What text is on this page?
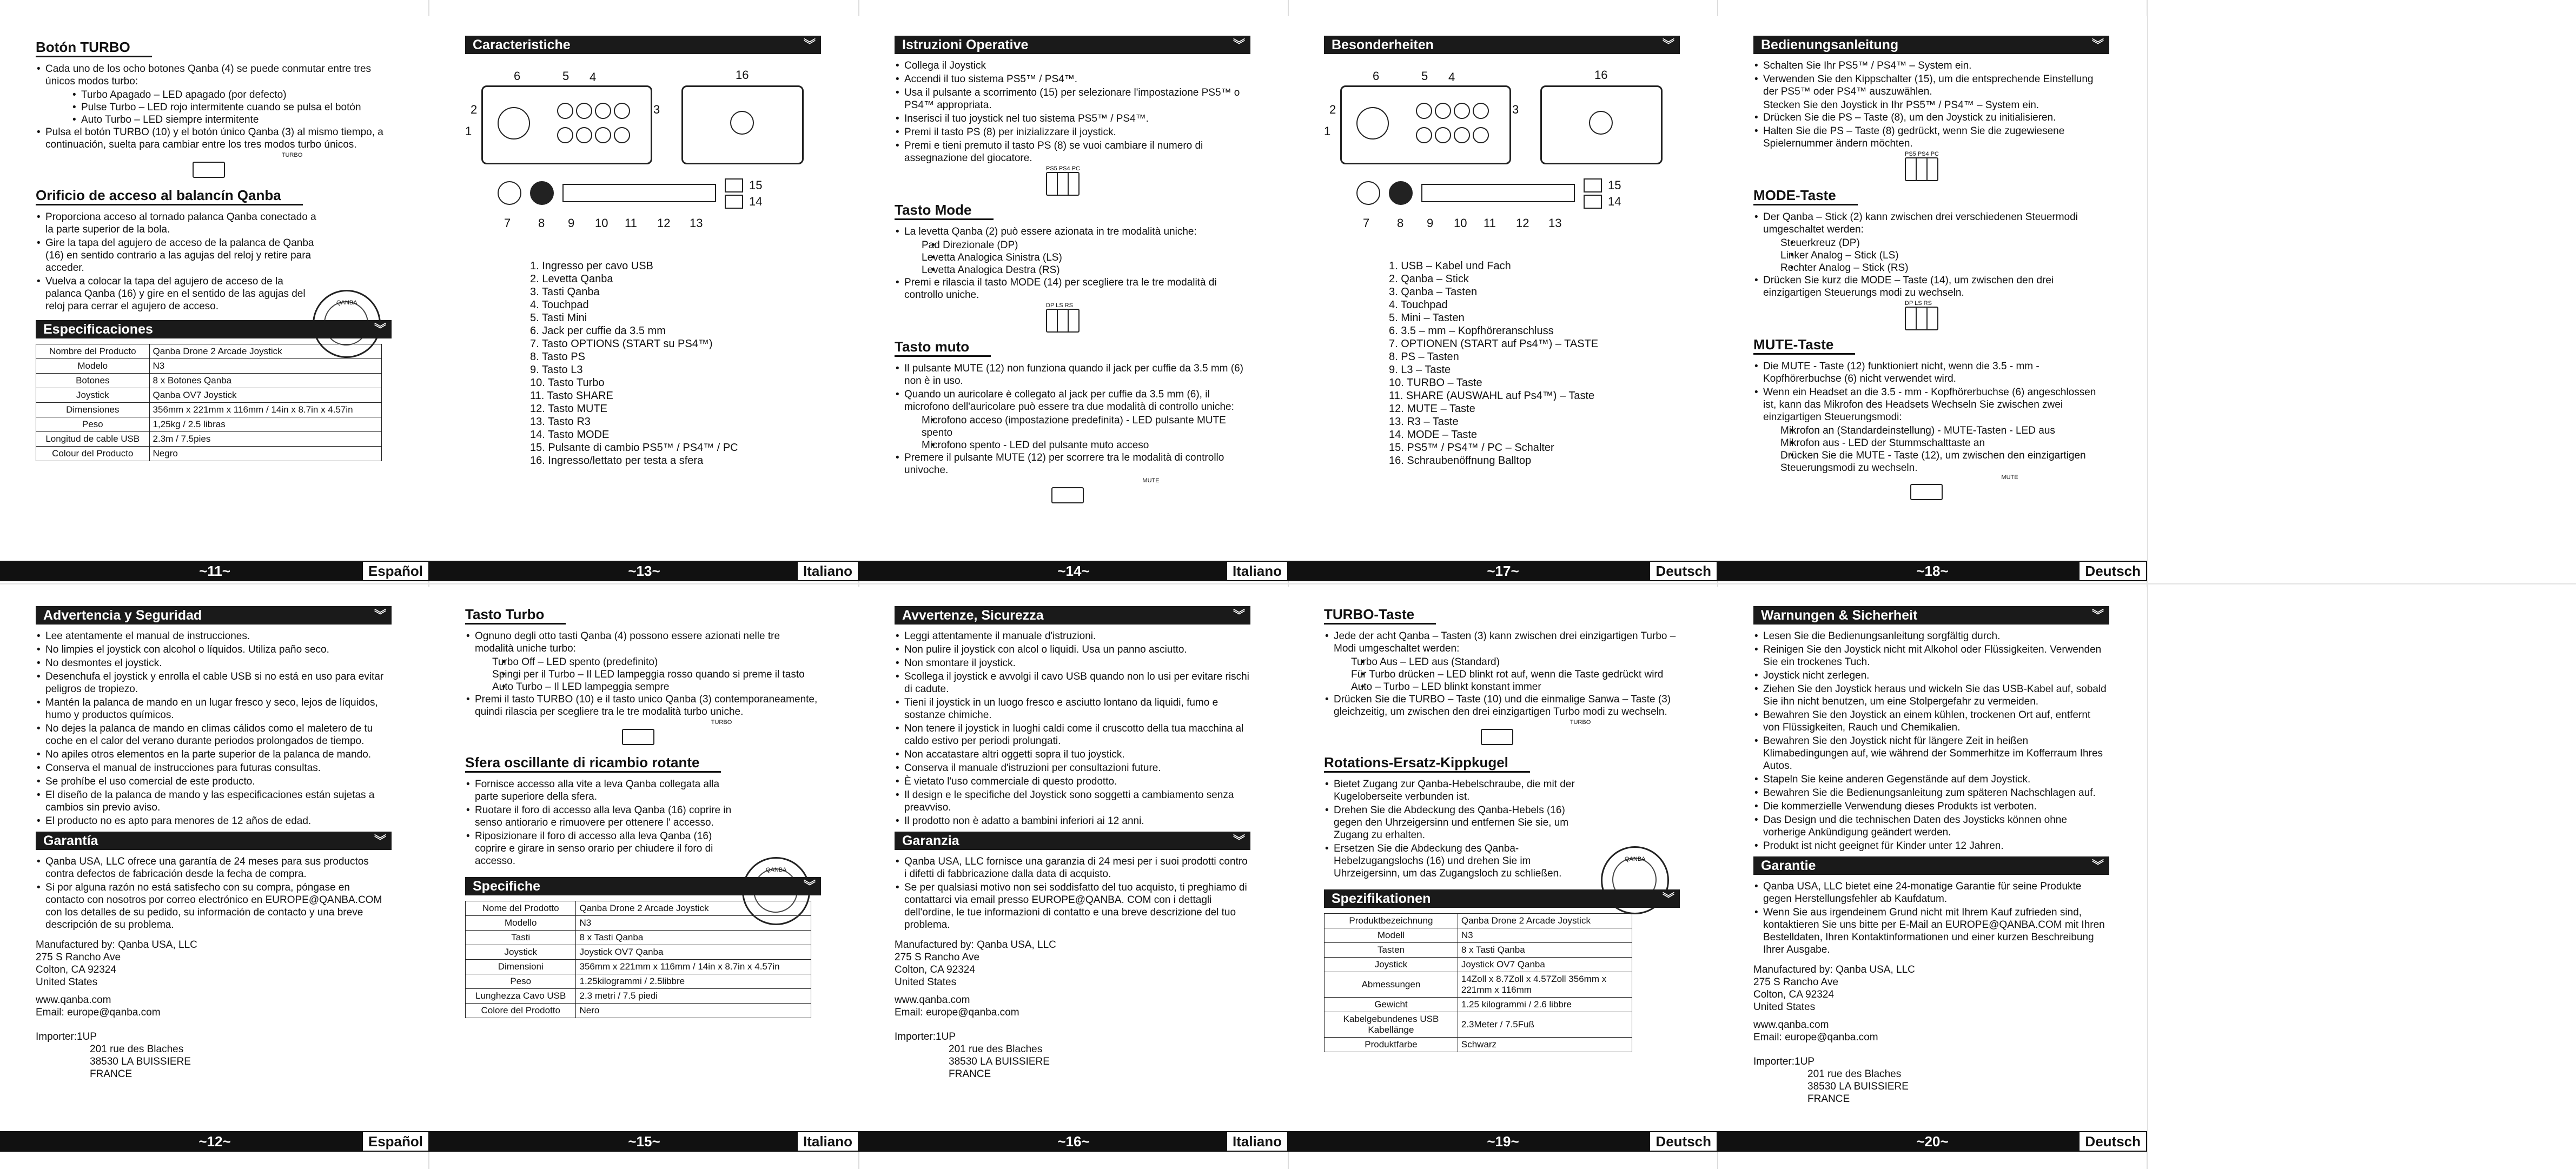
Botón TURBO
• Cada uno de los ocho botones Qanba (4) se puede conmutar entre tres únicos modos turbo:
• Turbo Apagado – LED apagado (por defecto)
• Pulse Turbo – LED rojo intermitente cuando se pulsa el botón
• Auto Turbo – LED siempre intermitente
• Pulsa el botón TURBO (10) y el botón único Qanba (3) al mismo tiempo, a continuación, suelta para cambiar entre los tres modos turbo únicos.
TURBO
Orificio de acceso al balancín Qanba
• Proporciona acceso al tornado palanca Qanba conectado a la parte superior de la bola.
• Gire la tapa del agujero de acceso de la palanca de Qanba (16) en sentido contrario a las agujas del reloj y retire para acceder.
• Vuelva a colocar la tapa del agujero de acceso de la palanca Qanba (16) y gire en el sentido de las agujas del reloj para cerrar el agujero de acceso.	QANBA
Especificaciones	︾
Nombre del Producto	Qanba Drone 2 Arcade Joystick
Modelo	N3
Botones	8 x Botones Qanba
Joystick	Qanba OV7 Joystick
Dimensiones	356mm x 221mm x 116mm / 14in x 8.7in x 4.57in
Peso	1,25kg / 2.5 libras
Longitud de cable USB	2.3m / 7.5pies
Colour del Producto	Negro
~11~	Español
Caracteristiche	︾
1
2	3
4
5
6	16
15
14
7 8 9 10 11 12 13
1. Ingresso per cavo USB
2. Levetta Qanba
3. Tasti Qanba
4. Touchpad
5. Tasti Mini
6. Jack per cuffie da 3.5 mm
7. Tasto OPTIONS (START su PS4™)
8. Tasto PS
9. Tasto L3
10. Tasto Turbo
11. Tasto SHARE
12. Tasto MUTE
13. Tasto R3
14. Tasto MODE
15. Pulsante di cambio PS5™ / PS4™ / PC
16. Ingresso/lettato per testa a sfera
~13~	Italiano
Istruzioni Operative	︾
• Collega il Joystick
• Accendi il tuo sistema PS5™ / PS4™.
• Usa il pulsante a scorrimento (15) per selezionare l'impostazione PS5™ o PS4™ appropriata.
• Inserisci il tuo joystick nel tuo sistema PS5™ / PS4™.
• Premi il tasto PS (8) per inizializzare il joystick.
• Premi e tieni premuto il tasto PS (8) se vuoi cambiare il numero di assegnazione del giocatore.
PS5 PS4 PC
Tasto Mode
• La levetta Qanba (2) può essere azionata in tre modalità uniche:
• Pad Direzionale (DP)
• Levetta Analogica Sinistra (LS)
• Levetta Analogica Destra (RS)
• Premi e rilascia il tasto MODE (14) per scegliere tra le tre modalità di controllo uniche.
DP LS RS
Tasto muto
• Il pulsante MUTE (12) non funziona quando il jack per cuffie da 3.5 mm (6) non è in uso.
• Quando un auricolare è collegato al jack per cuffie da 3.5 mm (6), il microfono dell'auricolare può essere tra due modalità di controllo uniche:
• Microfono acceso (impostazione predefinita) - LED pulsante MUTE spento
• Microfono spento - LED del pulsante muto acceso
• Premere il pulsante MUTE (12) per scorrere tra le modalità di controllo univoche.
MUTE
~14~	Italiano
Besonderheiten	︾
1
2	3
4
5
6	16
15
14
7 8 9 10 11 12 13
1. USB – Kabel und Fach
2. Qanba – Stick
3. Qanba – Tasten
4. Touchpad
5. Mini – Tasten
6. 3.5 – mm – Kopfhöreranschluss
7. OPTIONEN (START auf Ps4™) – TASTE
8. PS – Tasten
9. L3 – Taste
10. TURBO – Taste
11. SHARE (AUSWAHL auf Ps4™) – Taste
12. MUTE – Taste
13. R3 – Taste
14. MODE – Taste
15. PS5™ / PS4™ / PC – Schalter
16. Schraubenöffnung Balltop
~17~	Deutsch
Bedienungsanleitung	︾
• Schalten Sie Ihr PS5™ / PS4™ – System ein.
• Verwenden Sie den Kippschalter (15), um die entsprechende Einstellung der PS5™ oder PS4™ auszuwählen.
Stecken Sie den Joystick in Ihr PS5™ / PS4™ – System ein.
• Drücken Sie die PS – Taste (8), um den Joystick zu initialisieren.
• Halten Sie die PS – Taste (8) gedrückt, wenn Sie die zugewiesene Spielernummer ändern möchten.
PS5 PS4 PC
MODE-Taste
• Der Qanba – Stick (2) kann zwischen drei verschiedenen Steuermodi umgeschaltet werden:
• Steuerkreuz (DP)
• Linker Analog – Stick (LS)
• Rechter Analog – Stick (RS)
• Drücken Sie kurz die MODE – Taste (14), um zwischen den drei einzigartigen Steuerungs modi zu wechseln.
DP LS RS
MUTE-Taste
• Die MUTE - Taste (12) funktioniert nicht, wenn die 3.5 - mm - Kopfhörerbuchse (6) nicht verwendet wird.
• Wenn ein Headset an die 3.5 - mm - Kopfhörerbuchse (6) angeschlossen ist, kann das Mikrofon des Headsets Wechseln Sie zwischen zwei einzigartigen Steuerungsmodi:
• Mikrofon an (Standardeinstellung) - MUTE-Tasten - LED aus
• Mikrofon aus - LED der Stummschalttaste an
• Drücken Sie die MUTE - Taste (12), um zwischen den einzigartigen Steuerungsmodi zu wechseln.
MUTE
~18~	Deutsch
Advertencia y Seguridad	︾
• Lee atentamente el manual de instrucciones.
• No limpies el joystick con alcohol o líquidos. Utiliza paño seco.
• No desmontes el joystick.
• Desenchufa el joystick y enrolla el cable USB si no está en uso para evitar peligros de tropiezo.
• Mantén la palanca de mando en un lugar fresco y seco, lejos de líquidos, humo y productos químicos.
• No dejes la palanca de mando en climas cálidos como el maletero de tu coche en el calor del verano durante periodos prolongados de tiempo.
• No apiles otros elementos en la parte superior de la palanca de mando.
• Conserva el manual de instrucciones para futuras consultas.
• Se prohíbe el uso comercial de este producto.
• El diseño de la palanca de mando y las especificaciones están sujetas a cambios sin previo aviso.
• El producto no es apto para menores de 12 años de edad.
Garantía	︾
• Qanba USA, LLC ofrece una garantía de 24 meses para sus productos contra defectos de fabricación desde la fecha de compra.
• Si por alguna razón no está satisfecho con su compra, póngase en contacto con nosotros por correo electrónico en EUROPE@QANBA.COM con los detalles de su pedido, su información de contacto y una breve descripción de su problema.
Manufactured by: Qanba USA, LLC
275 S Rancho Ave
Colton, CA 92324
United States
www.qanba.com
Email: europe@qanba.com
Importer:1UP
201 rue des Blaches
38530 LA BUISSIERE
FRANCE
~12~	Español
Tasto Turbo
• Ognuno degli otto tasti Qanba (4) possono essere azionati nelle tre modalità uniche turbo:
• Turbo Off – LED spento (predefinito)
• Spingi per il Turbo – Il LED lampeggia rosso quando si preme il tasto
• Auto Turbo – Il LED lampeggia sempre
• Premi il tasto TURBO (10) e il tasto unico Qanba (3) contemporaneamente, quindi rilascia per scegliere tra le tre modalità turbo uniche.
TURBO
Sfera oscillante di ricambio rotante
• Fornisce accesso alla vite a leva Qanba collegata alla parte superiore della sfera.
• Ruotare il foro di accesso alla leva Qanba (16) coprire in senso antiorario e rimuovere per ottenere l' accesso.
• Riposizionare il foro di accesso alla leva Qanba (16) coprire e girare in senso orario per chiudere il foro di accesso.
QANBA
Specifiche	︾
Nome del Prodotto	Qanba Drone 2 Arcade Joystick
Modello	N3
Tasti	8 x Tasti Qanba
Joystick	Joystick OV7 Qanba
Dimensioni	356mm x 221mm x 116mm / 14in x 8.7in x 4.57in
Peso	1.25kilogrammi / 2.5libbre
Lunghezza Cavo USB	2.3 metri / 7.5 piedi
Colore del Prodotto	Nero
~15~	Italiano
Avvertenze, Sicurezza	︾
• Leggi attentamente il manuale d'istruzioni.
• Non pulire il joystick con alcol o liquidi. Usa un panno asciutto.
• Non smontare il joystick.
• Scollega il joystick e avvolgi il cavo USB quando non lo usi per evitare rischi di cadute.
• Tieni il joystick in un luogo fresco e asciutto lontano da liquidi, fumo e sostanze chimiche.
• Non tenere il joystick in luoghi caldi come il cruscotto della tua macchina al caldo estivo per periodi prolungati.
• Non accatastare altri oggetti sopra il tuo joystick.
• Conserva il manuale d'istruzioni per consultazioni future.
• È vietato l'uso commerciale di questo prodotto.
• Il design e le specifiche del Joystick sono soggetti a cambiamento senza preavviso.
• Il prodotto non è adatto a bambini inferiori ai 12 anni.
Garanzia	︾
• Qanba USA, LLC fornisce una garanzia di 24 mesi per i suoi prodotti contro i difetti di fabbricazione dalla data di acquisto.
• Se per qualsiasi motivo non sei soddisfatto del tuo acquisto, ti preghiamo di contattarci via email presso EUROPE@QANBA. COM con i dettagli dell'ordine, le tue informazioni di contatto e una breve descrizione del tuo problema.
Manufactured by: Qanba USA, LLC
275 S Rancho Ave
Colton, CA 92324
United States
www.qanba.com
Email: europe@qanba.com
Importer:1UP
201 rue des Blaches
38530 LA BUISSIERE
FRANCE
~16~	Italiano
TURBO-Taste
• Jede der acht Qanba – Tasten (3) kann zwischen drei einzigartigen Turbo – Modi umgeschaltet werden:
• Turbo Aus – LED aus (Standard)
• Für Turbo drücken – LED blinkt rot auf, wenn die Taste gedrückt wird
• Auto – Turbo – LED blinkt konstant immer
• Drücken Sie die TURBO – Taste (10) und die einmalige Sanwa – Taste (3) gleichzeitig, um zwischen den drei einzigartigen Turbo modi zu wechseln.
TURBO
Rotations-Ersatz-Kippkugel
• Bietet Zugang zur Qanba-Hebelschraube, die mit der Kugeloberseite verbunden ist.
• Drehen Sie die Abdeckung des Qanba-Hebels (16) gegen den Uhrzeigersinn und entfernen Sie sie, um Zugang zu erhalten.
• Ersetzen Sie die Abdeckung des Qanba-Hebelzugangslochs (16) und drehen Sie im Uhrzeigersinn, um das Zugangsloch zu schließen.
QANBA
Spezifikationen	︾
Produktbezeichnung	Qanba Drone 2 Arcade Joystick
Modell	N3
Tasten	8 x Tasti Qanba
Joystick	Joystick OV7 Qanba
Abmessungen	14Zoll x 8.7Zoll x 4.57Zoll 356mm x 221mm x 116mm
Gewicht	1.25 kilogrammi / 2.6 libbre
Kabelgebundenes USB Kabellänge	2.3Meter / 7.5Fuß
Produktfarbe	Schwarz
~19~	Deutsch
Warnungen & Sicherheit	︾
• Lesen Sie die Bedienungsanleitung sorgfältig durch.
• Reinigen Sie den Joystick nicht mit Alkohol oder Flüssigkeiten. Verwenden Sie ein trockenes Tuch.
• Joystick nicht zerlegen.
• Ziehen Sie den Joystick heraus und wickeln Sie das USB-Kabel auf, sobald Sie ihn nicht benutzen, um eine Stolpergefahr zu vermeiden.
• Bewahren Sie den Joystick an einem kühlen, trockenen Ort auf, entfernt von Flüssigkeiten, Rauch und Chemikalien.
• Bewahren Sie den Joystick nicht für längere Zeit in heißen Klimabedingungen auf, wie während der Sommerhitze im Kofferraum Ihres Autos.
• Stapeln Sie keine anderen Gegenstände auf dem Joystick.
• Bewahren Sie die Bedienungsanleitung zum späteren Nachschlagen auf.
• Die kommerzielle Verwendung dieses Produkts ist verboten.
• Das Design und die technischen Daten des Joysticks können ohne vorherige Ankündigung geändert werden.
• Produkt ist nicht geeignet für Kinder unter 12 Jahren.
Garantie	︾
• Qanba USA, LLC bietet eine 24-monatige Garantie für seine Produkte gegen Herstellungsfehler ab Kaufdatum.
• Wenn Sie aus irgendeinem Grund nicht mit Ihrem Kauf zufrieden sind, kontaktieren Sie uns bitte per E-Mail an EUROPE@QANBA.COM mit Ihren Bestelldaten, Ihren Kontaktinformationen und einer kurzen Beschreibung Ihrer Ausgabe.
Manufactured by: Qanba USA, LLC
275 S Rancho Ave
Colton, CA 92324
United States
www.qanba.com
Email: europe@qanba.com
Importer:1UP
201 rue des Blaches
38530 LA BUISSIERE
FRANCE
~20~	Deutsch
